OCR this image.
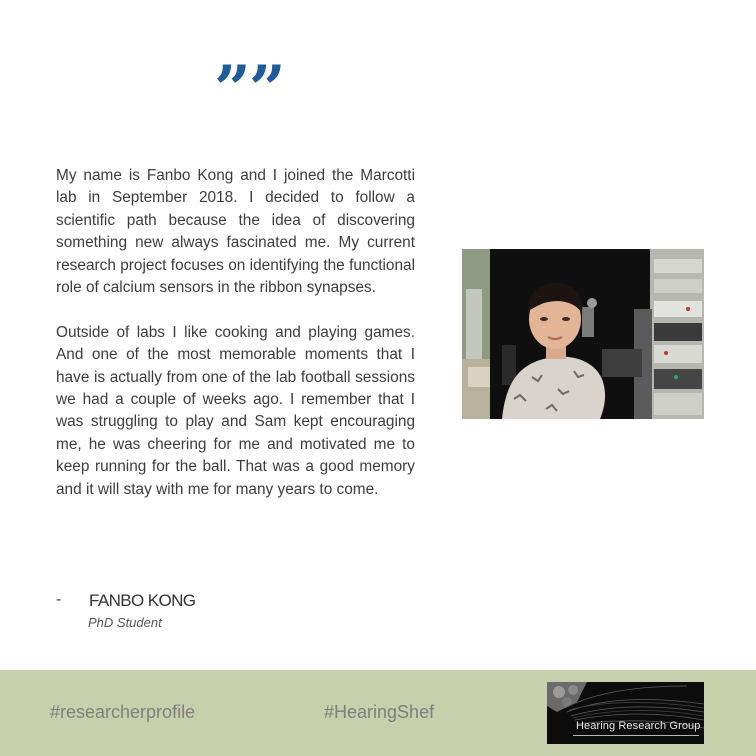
””

My name is Fanbo Kong and I joined the Marcotti lab in September 2018. I decided to follow a scientific path because the idea of discovering something new always fascinated me. My current research project focuses on identifying the functional role of calcium sensors in the ribbon synapses.

Outside of labs I like cooking and playing games. And one of the most memorable moments that I have is actually from one of the lab football sessions we had a couple of weeks ago. I remember that I was struggling to play and Sam kept encouraging me, he was cheering for me and motivated me to keep running for the ball. That was a good memory and it will stay with me for many years to come.

- FANBO KONG
PhD Student
#researcherprofile	#HearingShef
Hearing Research Group
